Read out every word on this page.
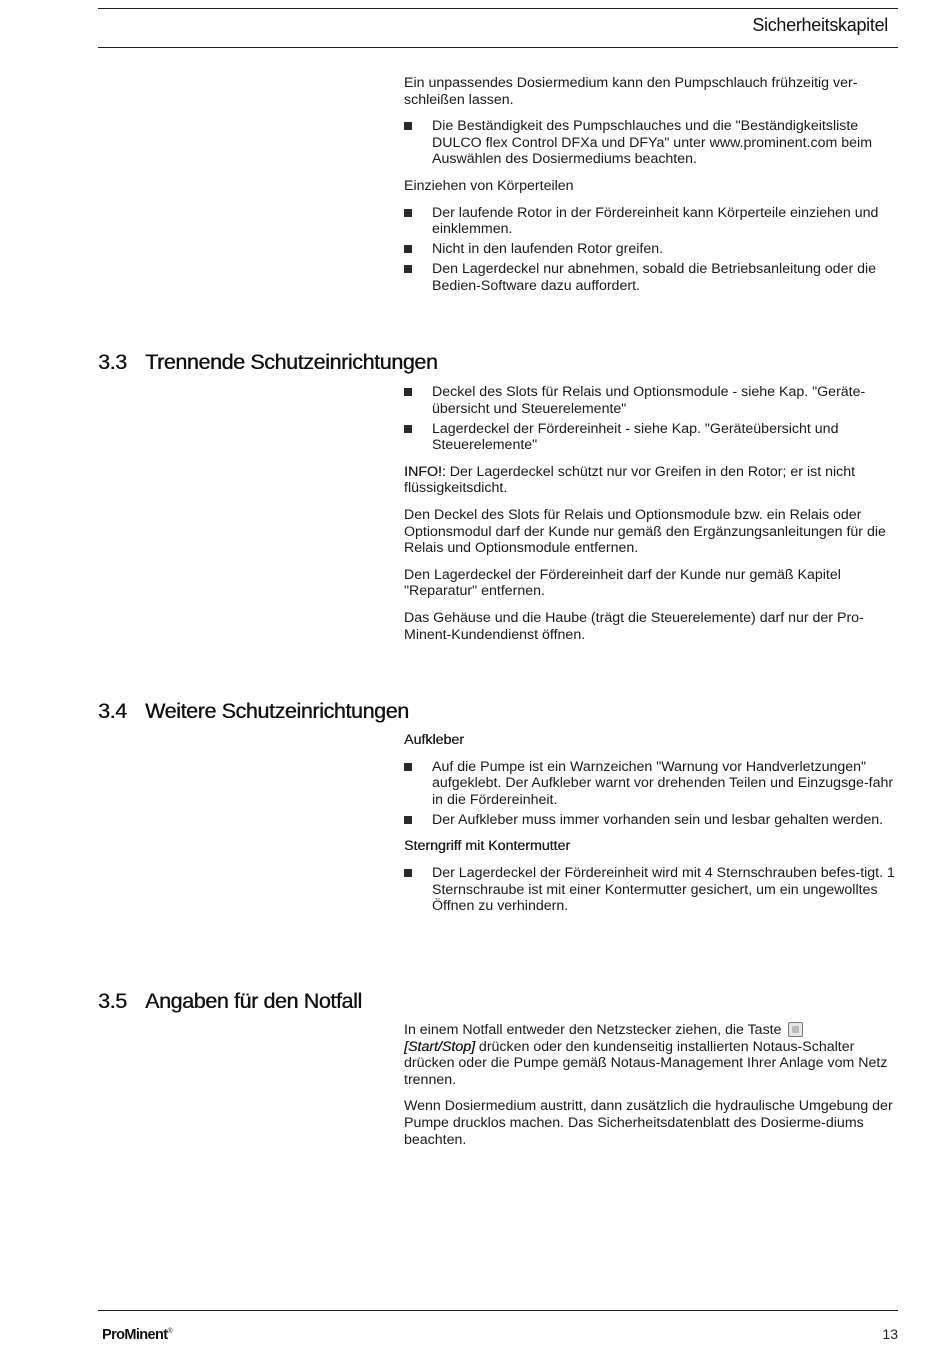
Sicherheitskapitel

Ein unpassendes Dosiermedium kann den Pumpschlauch frühzeitig ver-schleißen lassen.

Die Beständigkeit des Pumpschlauches und die "Beständigkeitsliste DULCO flex Control DFXa und DFYa" unter www.prominent.com beim Auswählen des Dosiermediums beachten.

Einziehen von Körperteilen

Der laufende Rotor in der Fördereinheit kann Körperteile einziehen und einklemmen.
Nicht in den laufenden Rotor greifen.
Den Lagerdeckel nur abnehmen, sobald die Betriebsanleitung oder die Bedien-Software dazu auffordert.
3.3 Trennende Schutzeinrichtungen
Deckel des Slots für Relais und Optionsmodule - siehe Kap. "Geräte-übersicht und Steuerelemente"
Lagerdeckel der Fördereinheit - siehe Kap. "Geräteübersicht und Steuerelemente"

INFO!: Der Lagerdeckel schützt nur vor Greifen in den Rotor; er ist nicht flüssigkeitsdicht.

Den Deckel des Slots für Relais und Optionsmodule bzw. ein Relais oder Optionsmodul darf der Kunde nur gemäß den Ergänzungsanleitungen für die Relais und Optionsmodule entfernen.

Den Lagerdeckel der Fördereinheit darf der Kunde nur gemäß Kapitel "Reparatur" entfernen.

Das Gehäuse und die Haube (trägt die Steuerelemente) darf nur der Pro-Minent-Kundendienst öffnen.

3.4 Weitere Schutzeinrichtungen

Aufkleber

Auf die Pumpe ist ein Warnzeichen "Warnung vor Handverletzungen" aufgeklebt. Der Aufkleber warnt vor drehenden Teilen und Einzugsge-fahr in die Fördereinheit.
Der Aufkleber muss immer vorhanden sein und lesbar gehalten werden.

Sterngriff mit Kontermutter

Der Lagerdeckel der Fördereinheit wird mit 4 Sternschrauben befes-tigt. 1 Sternschraube ist mit einer Kontermutter gesichert, um ein ungewolltes Öffnen zu verhindern.
3.5 Angaben für den Notfall

In einem Notfall entweder den Netzstecker ziehen, die Taste
[Start/Stop] drücken oder den kundenseitig installierten Notaus-Schalter drücken oder die Pumpe gemäß Notaus-Management Ihrer Anlage vom Netz trennen.

Wenn Dosiermedium austritt, dann zusätzlich die hydraulische Umgebung der Pumpe drucklos machen. Das Sicherheitsdatenblatt des Dosierme-diums beachten.

ProMinent®	13
